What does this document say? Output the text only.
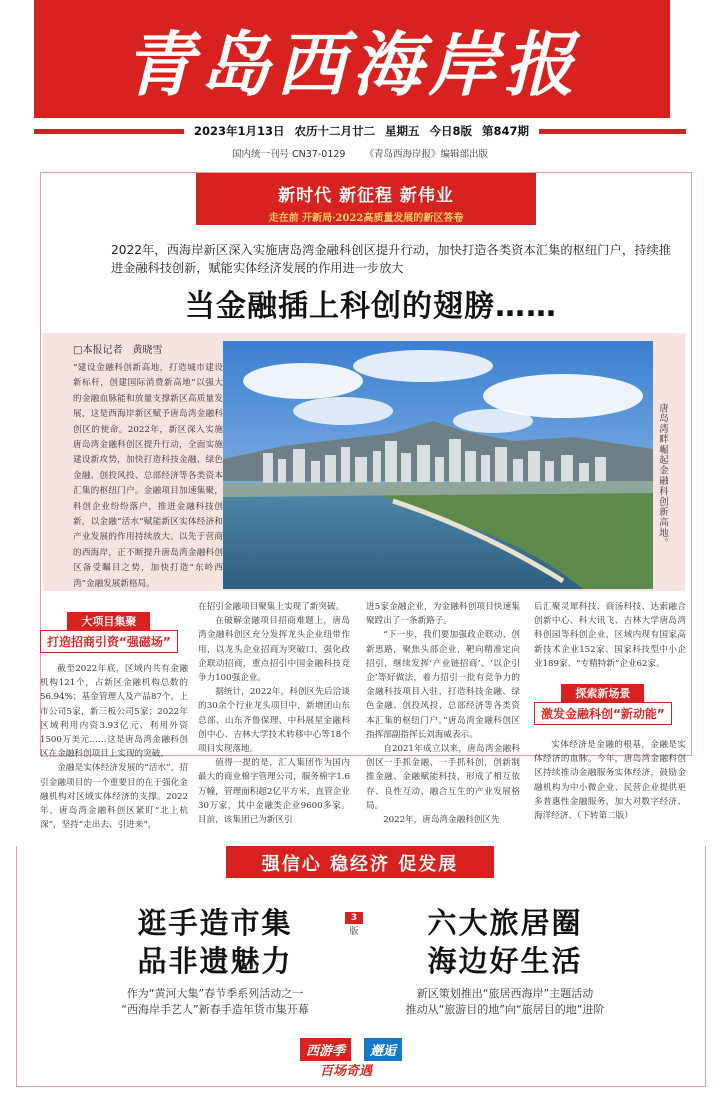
青岛西海岸报
2023年1月13日 农历十二月廿二 星期五 今日8版 第847期
国内统一刊号 CN37-0129 《青岛西海岸报》编辑部出版
新时代 新征程 新伟业
走在前 开新局·2022高质量发展的新区答卷
2022年，西海岸新区深入实施唐岛湾金融科创区提升行动，加快打造各类资本汇集的枢纽门户，持续推进金融科技创新，赋能实体经济发展的作用进一步放大
当金融插上科创的翅膀……
□本报记者　黄晓雪
“建设金融科创新高地，打造城市建设新标杆，创建国际消费新高地”以强大的金融血脉能和放量支撑新区高质量发展，这是西海岸新区赋予唐岛湾金融科创区的使命。2022年，新区深入实施唐岛湾金融科创区提升行动，全面实施建设新攻势，加快打造科技金融、绿色金融、创投风投、总部经济等各类资本汇集的枢纽门户。金融项目加速集聚，科创企业纷纷落户，推进金融科技创新，以金融“活水”赋能新区实体经济和产业发展的作用持续放大。以先于营商的西海岸，正不断提升唐岛湾金融科创区备受瞩目之势，加快打造“东岭西湾”金融发展新格局。
唐岛湾畔崛起金融科创新高地。
大项目集聚
打造招商引资“强磁场”

截至2022年底，区域内共有金融机构121个，占新区金融机构总数的56.94%；基金管理人及产品87个，上市公司5家，新三板公司5家；2022年区域利用内资3.93亿元、利用外资1500万美元……这是唐岛湾金融科创区在金融科创项目上实现的突破。

金融是实体经济发展的“活水”，招引金融项目的一个重要目的在于强化金融机构对区域实体经济的支撑。2022年，唐岛湾金融科创区紧盯“北上杭深”，坚持“走出去、引进来”，

在招引金融项目聚集上实现了新突破。

在破解金融项目招商难题上，唐岛湾金融科创区充分发挥龙头企业纽带作用，以龙头企业招商为突破口，强化政企联动招商，重点招引中国金融科技竞争力100强企业。

据统计，2022年，科创区先后洽谈的30余个行业龙头项目中，新增团山东总部、山东齐鲁保理、中科展星金融科创中心、吉林大学技术转移中心等18个项目实现落地。

值得一提的是，汇人集团作为国内最大的商业棉字管理公司，服务棉字1.6万幢，管理面积超2亿平方米，直管企业30万家，其中金融类企业9600多家。目前，该集团已为新区引

进5家金融企业，为金融科创项目快速集聚蹚出了一条新路子。

“下一步，我们要加强政企联动、创新思路，聚焦头部企业，靶向精准定向招引，继续发挥‘产业链招商’、‘以企引企’等好做法，着力招引一批有竞争力的金融科技项目入驻，打造科技金融、绿色金融、创投风投、总部经济等各类资本汇集的枢纽门户。”唐岛湾金融科创区指挥部副指挥长刘海威表示。

自2021年成立以来，唐岛湾金融科创区一手抓金融、一手抓科创，创新制推金融、金融赋能科技，形成了相互依存、良性互动、融合互生的产业发展格局。

2022年，唐岛湾金融科创区先

后汇聚灵犀科技、商汤科技、达索融合创新中心、科大讯飞、吉林大学唐岛湾科创园等科创企业，区域内现有国家高新技术企业152家、国家科技型中小企业189家、“专精特新”企业62家。

探索新场景
激发金融科创“新动能”

实体经济是金融的根基，金融是实体经济的血脉。今年，唐岛湾金融科创区持续推动金融服务实体经济，鼓励金融机构为中小微企业、民营企业提供更多普惠性金融服务，加大对数字经济、海洋经济、（下转第二版）

强信心 稳经济 促发展
逛手造市集
品非遗魅力
作为“黄河大集”春节季系列活动之一
“西海岸手艺人”新春手造年货市集开幕
3
版	六大旅居圈
海边好生活
新区策划推出“旅居西海岸”主题活动
推动从“旅游目的地”向“旅居目的地”进阶
西游季	邂逅
百场奇遇
